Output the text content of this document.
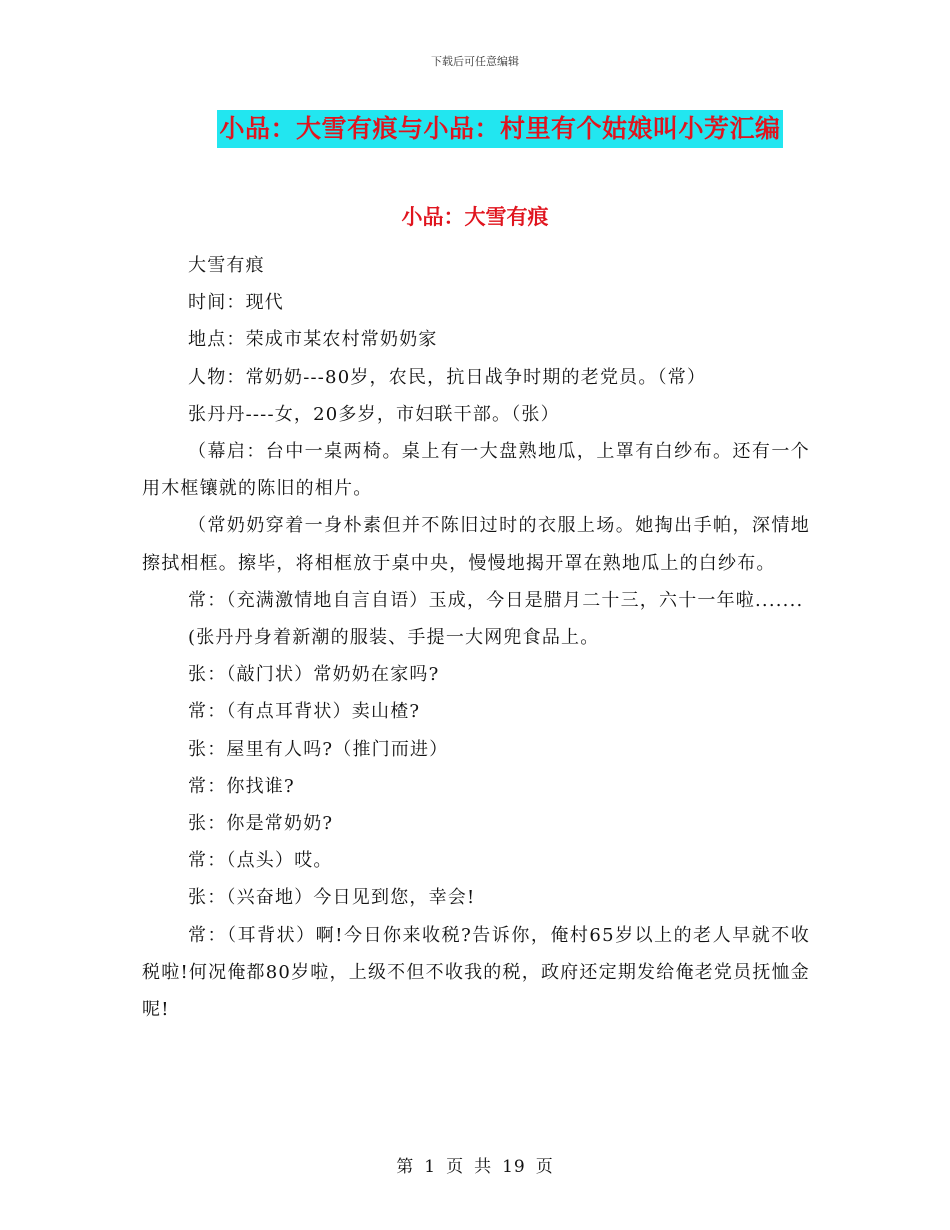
下载后可任意编辑
小品：大雪有痕与小品：村里有个姑娘叫小芳汇编
小品：大雪有痕

大雪有痕

时间：现代

地点：荣成市某农村常奶奶家

人物：常奶奶---80岁，农民，抗日战争时期的老党员。（常）

张丹丹----女，20多岁，市妇联干部。（张）

（幕启：台中一桌两椅。桌上有一大盘熟地瓜，上罩有白纱布。还有一个用木框镶就的陈旧的相片。

（常奶奶穿着一身朴素但并不陈旧过时的衣服上场。她掏出手帕，深情地擦拭相框。擦毕，将相框放于桌中央，慢慢地揭开罩在熟地瓜上的白纱布。

常：（充满激情地自言自语）玉成，今日是腊月二十三，六十一年啦.......

(张丹丹身着新潮的服装、手提一大网兜食品上。

张：（敲门状）常奶奶在家吗?

常：（有点耳背状）卖山楂?

张：屋里有人吗?（推门而进）

常：你找谁?

张：你是常奶奶?

常：（点头）哎。

张：（兴奋地）今日见到您，幸会!

常：（耳背状）啊!今日你来收税?告诉你，俺村65岁以上的老人早就不收税啦!何况俺都80岁啦，上级不但不收我的税，政府还定期发给俺老党员抚恤金呢!

第 1 页 共 19 页
